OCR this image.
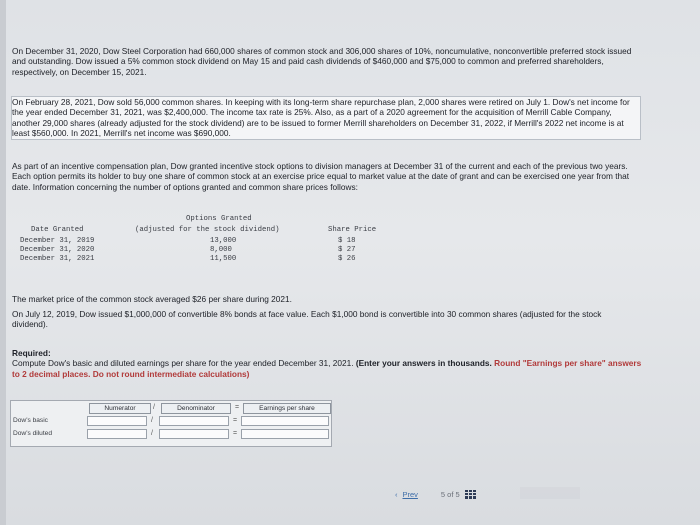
On December 31, 2020, Dow Steel Corporation had 660,000 shares of common stock and 306,000 shares of 10%, noncumulative, nonconvertible preferred stock issued and outstanding. Dow issued a 5% common stock dividend on May 15 and paid cash dividends of $460,000 and $75,000 to common and preferred shareholders, respectively, on December 15, 2021.

On February 28, 2021, Dow sold 56,000 common shares. In keeping with its long-term share repurchase plan, 2,000 shares were retired on July 1. Dow's net income for the year ended December 31, 2021, was $2,400,000. The income tax rate is 25%. Also, as a part of a 2020 agreement for the acquisition of Merrill Cable Company, another 29,000 shares (already adjusted for the stock dividend) are to be issued to former Merrill shareholders on December 31, 2022, if Merrill's 2022 net income is at least $560,000. In 2021, Merrill's net income was $690,000.

As part of an incentive compensation plan, Dow granted incentive stock options to division managers at December 31 of the current and each of the previous two years. Each option permits its holder to buy one share of common stock at an exercise price equal to market value at the date of grant and can be exercised one year from that date. Information concerning the number of options granted and common share prices follows:

Options Granted
Date Granted	(adjusted for the stock dividend)	Share Price
December 31, 2019	13,000	$ 18
December 31, 2020	8,000	$ 27
December 31, 2021	11,500	$ 26

The market price of the common stock averaged $26 per share during 2021.

On July 12, 2019, Dow issued $1,000,000 of convertible 8% bonds at face value. Each $1,000 bond is convertible into 30 common shares (adjusted for the stock dividend).

Required:
Compute Dow's basic and diluted earnings per share for the year ended December 31, 2021. (Enter your answers in thousands. Round "Earnings per share" answers to 2 decimal places. Do not round intermediate calculations)
Numerator	/	Denominator	=	Earnings per share
Dow's basic	/	=
Dow's diluted	/	=
‹ Prev	5 of 5
